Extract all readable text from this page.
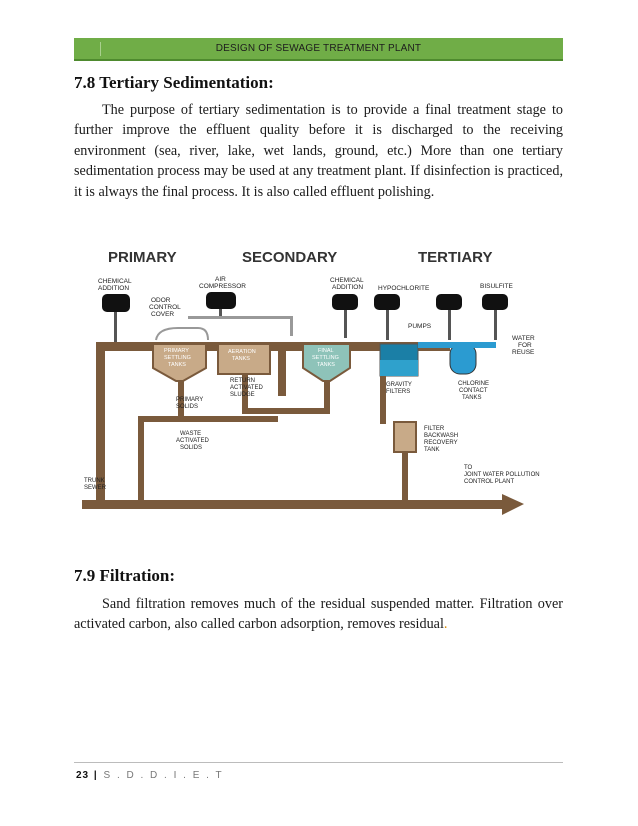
DESIGN OF SEWAGE TREATMENT PLANT
7.8 Tertiary Sedimentation:

The purpose of tertiary sedimentation is to provide a final treatment stage to further improve the effluent quality before it is discharged to the receiving environment (sea, river, lake, wet lands, ground, etc.) More than one tertiary sedimentation process may be used at any treatment plant. If disinfection is practiced, it is always the final process. It is also called effluent polishing.

PRIMARY	SECONDARY	TERTIARY
CHEMICAL
ADDITION
AIR
COMPRESSOR
ODOR
CONTROL
COVER
PRIMARY
SETTLING
TANKS
AERATION
TANKS
FINAL
SETTLING
TANKS
RETURN
ACTIVATED
SLUDGE
PRIMARY
SOLIDS
WASTE
ACTIVATED
SOLIDS
CHEMICAL
ADDITION HYPOCHLORITE	BISULFITE
PUMPS
GRAVITY
FILTERS
CHLORINE
CONTACT
TANKS
WATER
FOR
REUSE
FILTER
BACKWASH
RECOVERY
TANK
TO
JOINT WATER POLLUTION
CONTROL PLANT
TRUNK
SEWER
7.9 Filtration:

Sand filtration removes much of the residual suspended matter. Filtration over activated carbon, also called carbon adsorption, removes residual.

23 | S . D . D . I . E . T
